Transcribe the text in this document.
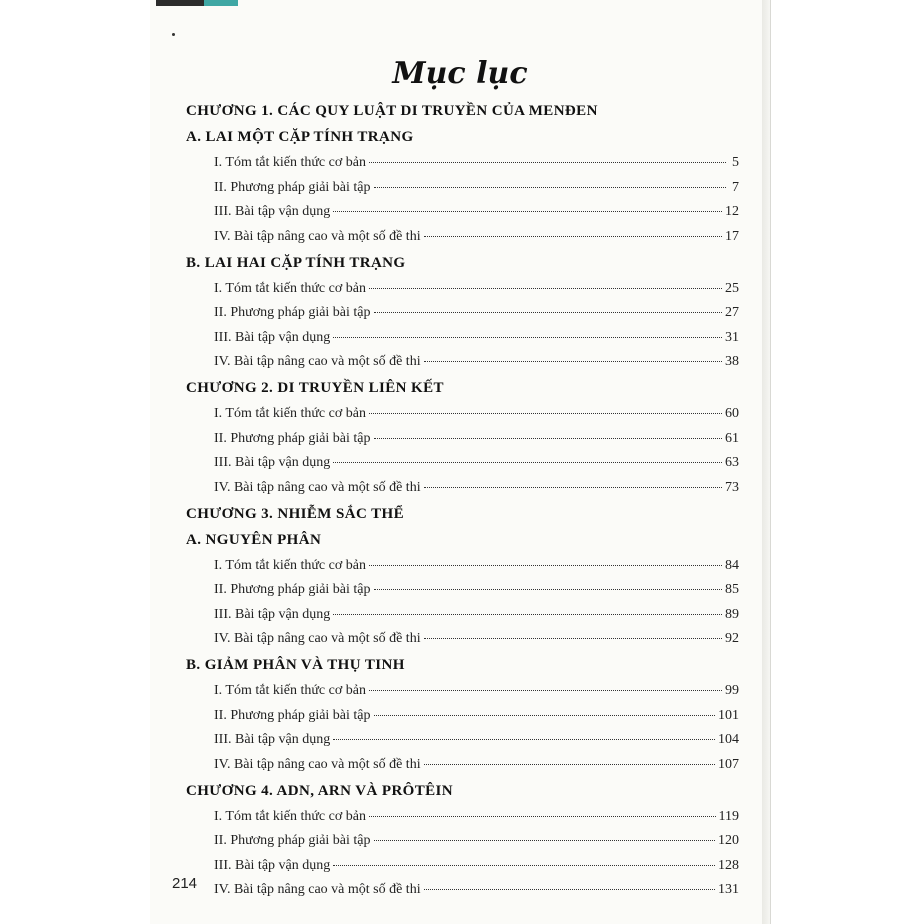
Mục lục
CHƯƠNG 1. CÁC QUY LUẬT DI TRUYỀN CỦA MENĐEN
A. LAI MỘT CẶP TÍNH TRẠNG
I. Tóm tắt kiến thức cơ bản	5
II. Phương pháp giải bài tập	7
III. Bài tập vận dụng	12
IV. Bài tập nâng cao và một số đề thi	17
B. LAI HAI CẶP TÍNH TRẠNG
I. Tóm tắt kiến thức cơ bản	25
II. Phương pháp giải bài tập	27
III. Bài tập vận dụng	31
IV. Bài tập nâng cao và một số đề thi	38
CHƯƠNG 2. DI TRUYỀN LIÊN KẾT
I. Tóm tắt kiến thức cơ bản	60
II. Phương pháp giải bài tập	61
III. Bài tập vận dụng	63
IV. Bài tập nâng cao và một số đề thi	73
CHƯƠNG 3. NHIỄM SẮC THỂ
A. NGUYÊN PHÂN
I. Tóm tắt kiến thức cơ bản	84
II. Phương pháp giải bài tập	85
III. Bài tập vận dụng	89
IV. Bài tập nâng cao và một số đề thi	92
B. GIẢM PHÂN VÀ THỤ TINH
I. Tóm tắt kiến thức cơ bản	99
II. Phương pháp giải bài tập	101
III. Bài tập vận dụng	104
IV. Bài tập nâng cao và một số đề thi	107
CHƯƠNG 4. ADN, ARN VÀ PRÔTÊIN
I. Tóm tắt kiến thức cơ bản	119
II. Phương pháp giải bài tập	120
III. Bài tập vận dụng	128
IV. Bài tập nâng cao và một số đề thi	131
214
